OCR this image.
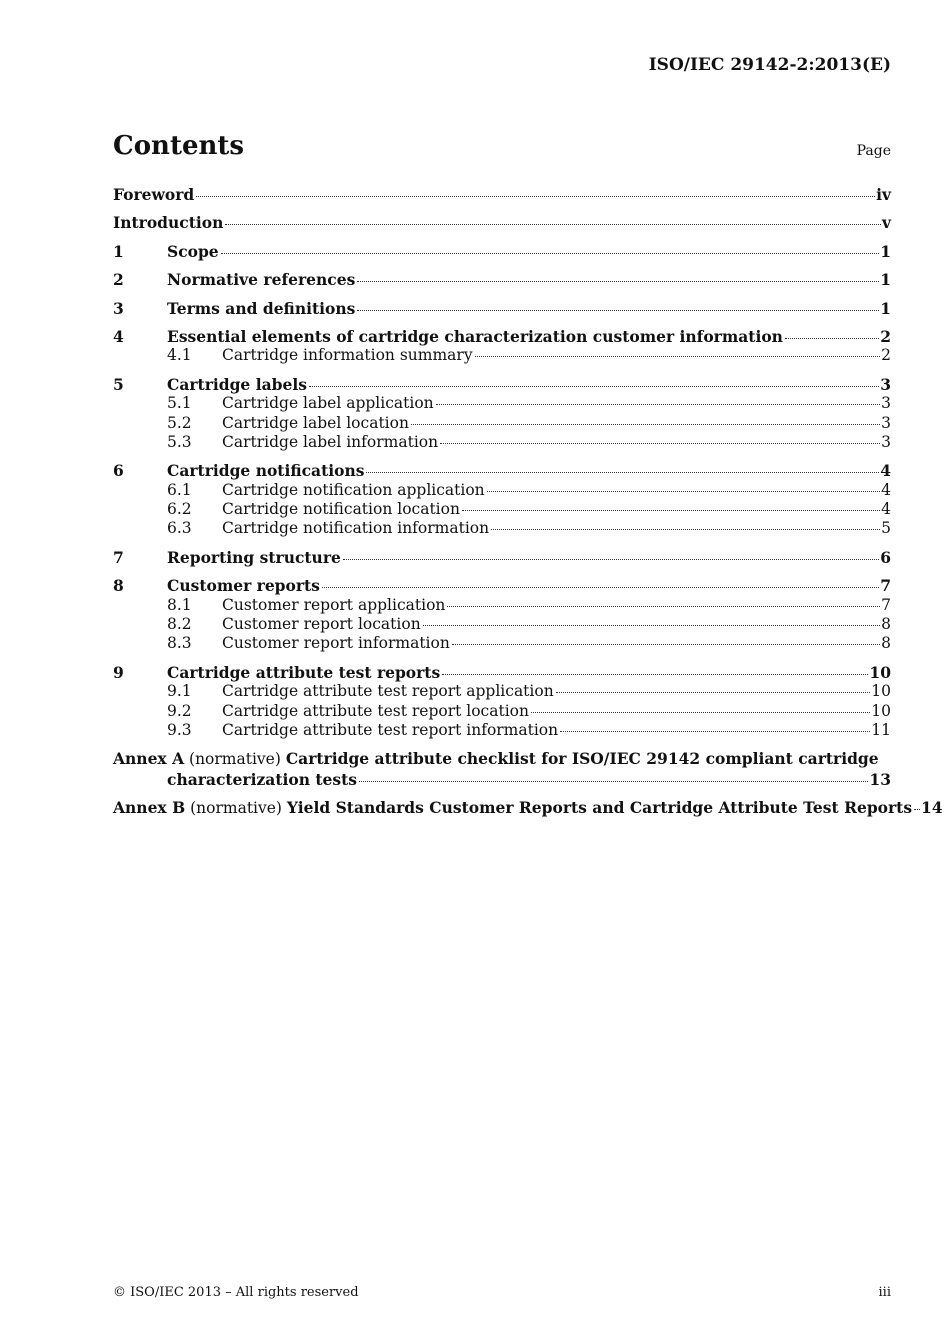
ISO/IEC 29142-2:2013(E)
Contents	Page
Foreword	iv
Introduction	v
1	Scope	1
2	Normative references	1
3	Terms and definitions	1
4	Essential elements of cartridge characterization customer information	2
4.1	Cartridge information summary	2
5	Cartridge labels	3
5.1	Cartridge label application	3
5.2	Cartridge label location	3
5.3	Cartridge label information	3
6	Cartridge notifications	4
6.1	Cartridge notification application	4
6.2	Cartridge notification location	4
6.3	Cartridge notification information	5
7	Reporting structure	6
8	Customer reports	7
8.1	Customer report application	7
8.2	Customer report location	8
8.3	Customer report information	8
9	Cartridge attribute test reports	10
9.1	Cartridge attribute test report application	10
9.2	Cartridge attribute test report location	10
9.3	Cartridge attribute test report information	11
Annex A (normative) Cartridge attribute checklist for ISO/IEC 29142 compliant cartridge
characterization tests	13
Annex B (normative) Yield Standards Customer Reports and Cartridge Attribute Test Reports 14
© ISO/IEC 2013 – All rights reserved	iii
